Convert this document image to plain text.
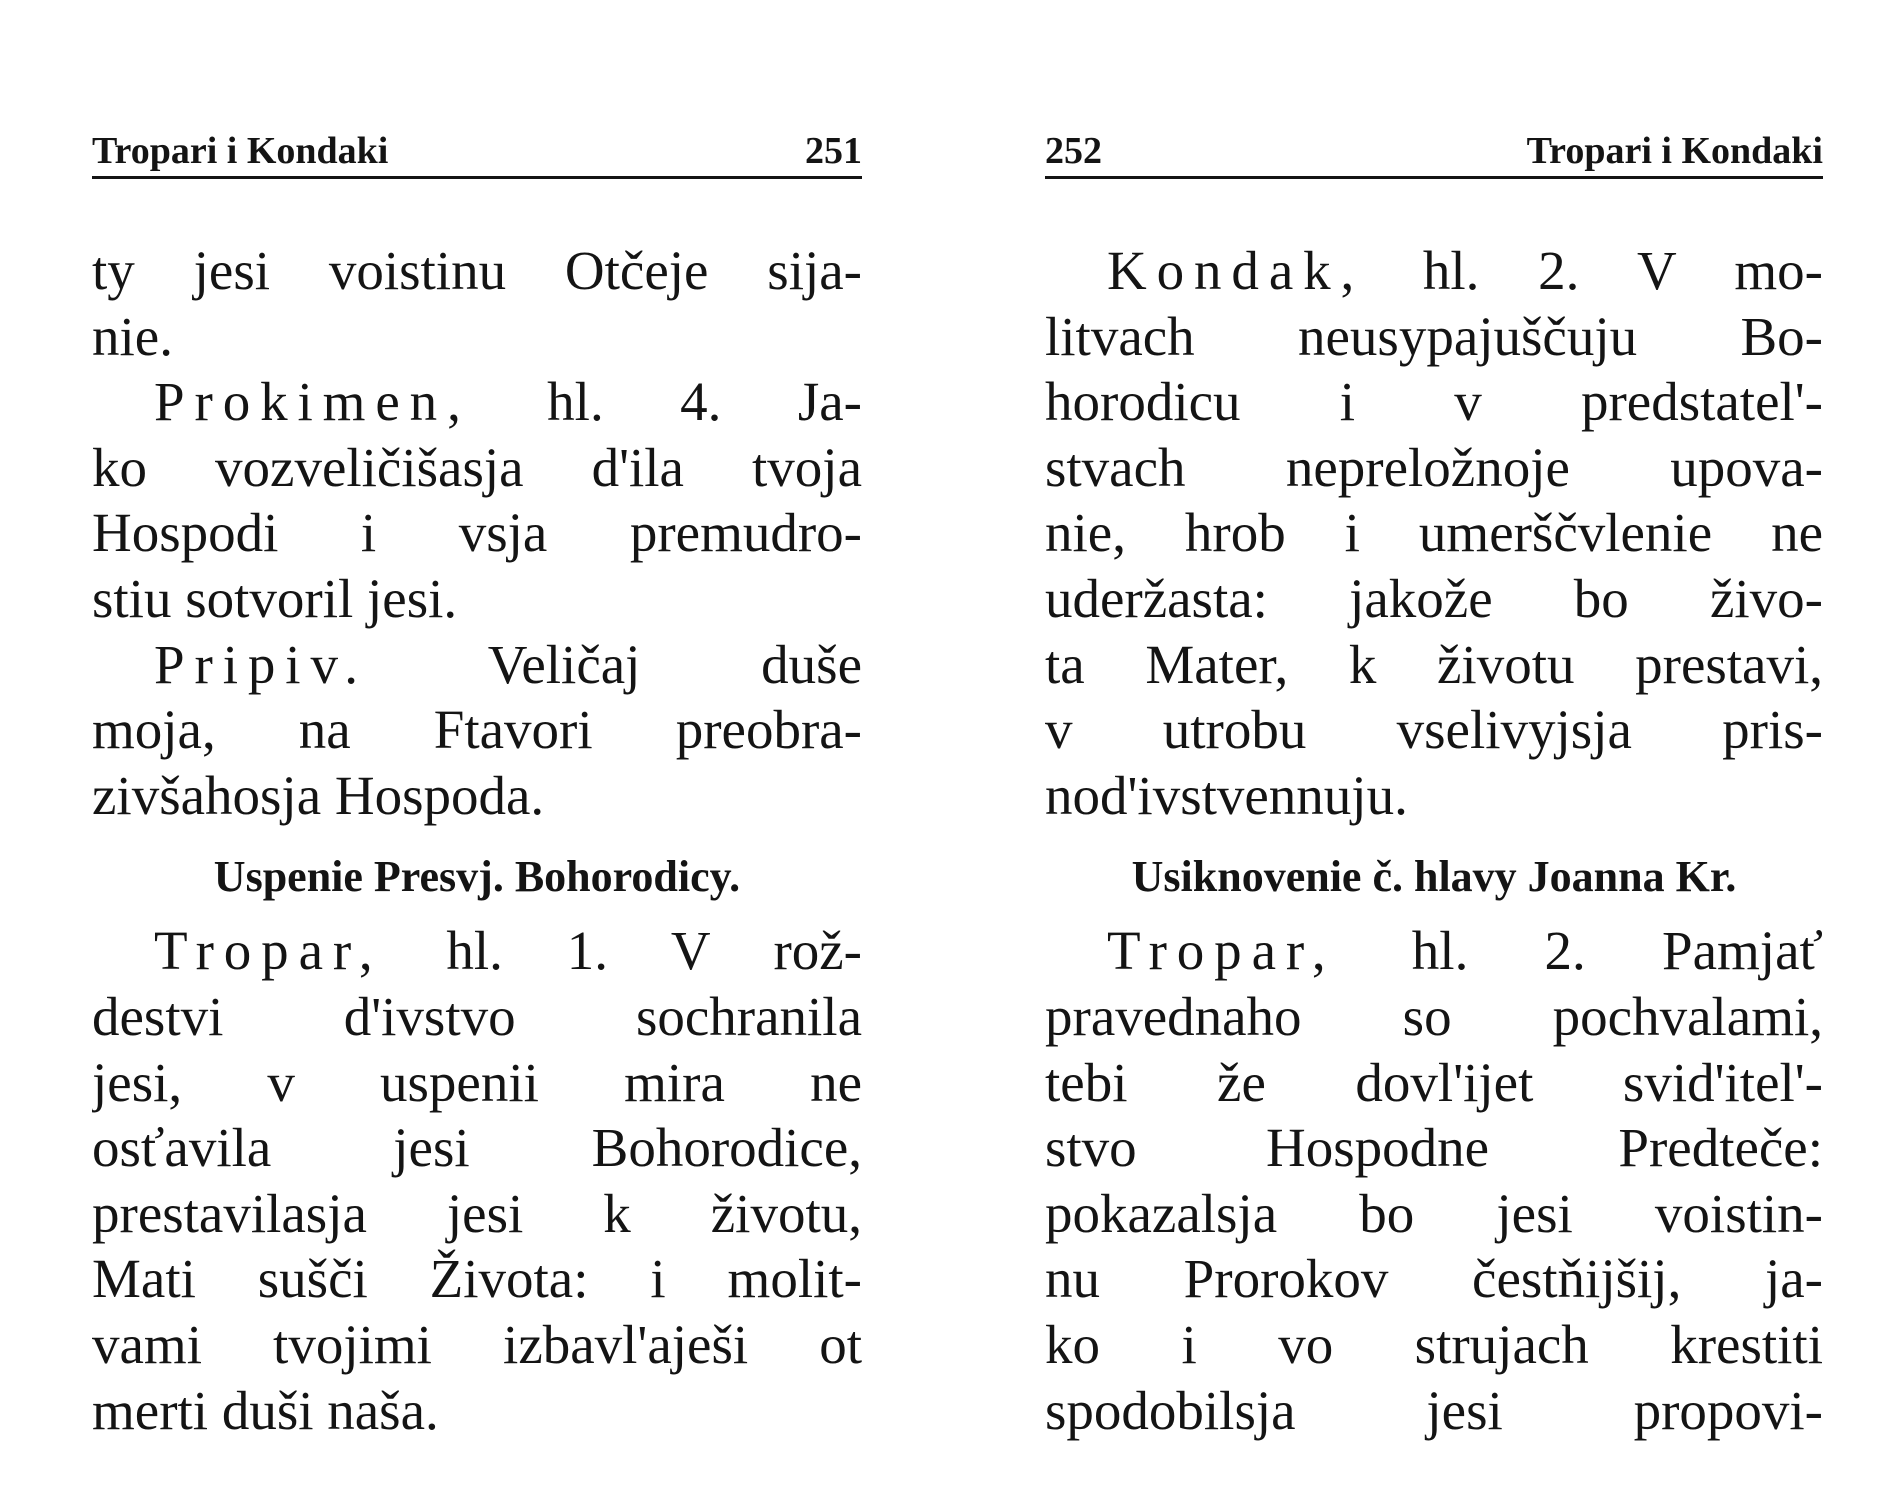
Tropari i Kondaki	251
ty jesi voistinu Otčeje sija-
nie.
Prokimen, hl. 4. Ja-
ko vozveličišasja d'ila tvoja
Hospodi i vsja premudro-
stiu sotvoril jesi.
Pripiv. Veličaj duše
moja, na Ftavori preobra-
zivšahosja Hospoda.
Uspenie Presvj. Bohorodicy.
Tropar, hl. 1. V rož-
destvi d'ivstvo sochranila
jesi, v uspenii mira ne
osťavila jesi Bohorodice,
prestavilasja jesi k životu,
Mati sušči Života: i molit-
vami tvojimi izbavl'aješi ot
merti duši naša.
252	Tropari i Kondaki
Kondak, hl. 2. V mo-
litvach neusypajuščuju Bo-
horodicu i v predstatel'-
stvach nepreložnoje upova-
nie, hrob i umerščvlenie ne
uderžasta: jakože bo živo-
ta Mater, k životu prestavi,
v utrobu vselivyjsja pris-
nod'ivstvennuju.
Usiknovenie č. hlavy Joanna Kr.
Tropar, hl. 2. Pamjať
pravednaho so pochvalami,
tebi že dovl'ijet svid'itel'-
stvo Hospodne Predteče:
pokazalsja bo jesi voistin-
nu Prorokov čestňijšij, ja-
ko i vo strujach krestiti
spodobilsja jesi propovi-
